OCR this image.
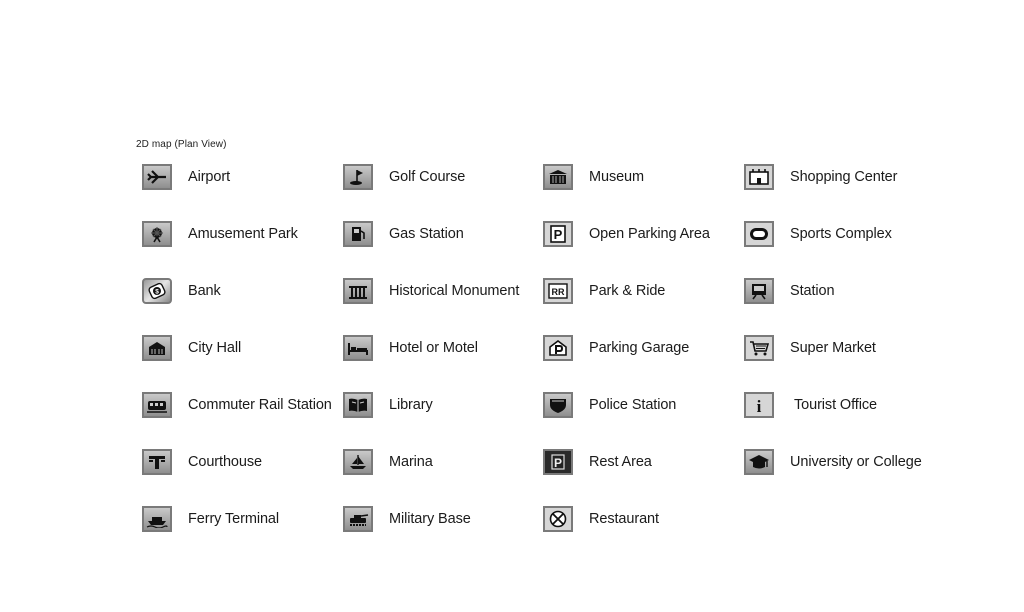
2D map (Plan View)
Airport
Amusement Park
$ Bank
City Hall
Commuter Rail Station
Courthouse
Ferry Terminal
Golf Course
Gas Station
Historical Monument
Hotel or Motel
Library
Marina
Military Base
Museum
P Open Parking Area
RR Park & Ride
Parking Garage
Police Station
P Rest Area
Restaurant
Shopping Center
Sports Complex
Station
Super Market
i Tourist Office
University or College
